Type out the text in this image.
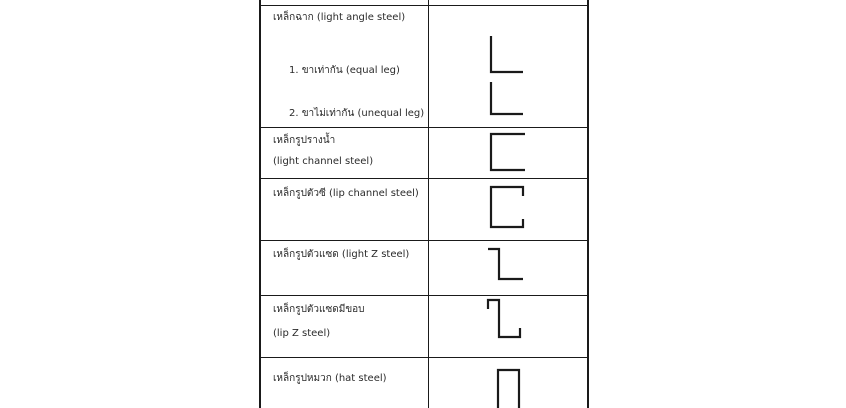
เหล็กฉาก (light angle steel)
1. ขาเท่ากัน (equal leg)
2. ขาไม่เท่ากัน (unequal leg)
เหล็กรูปรางน้ำ
(light channel steel)
เหล็กรูปตัวซี (lip channel steel)
เหล็กรูปตัวแซด (light Z steel)
เหล็กรูปตัวแซดมีขอบ
(lip Z steel)
เหล็กรูปหมวก (hat steel)
